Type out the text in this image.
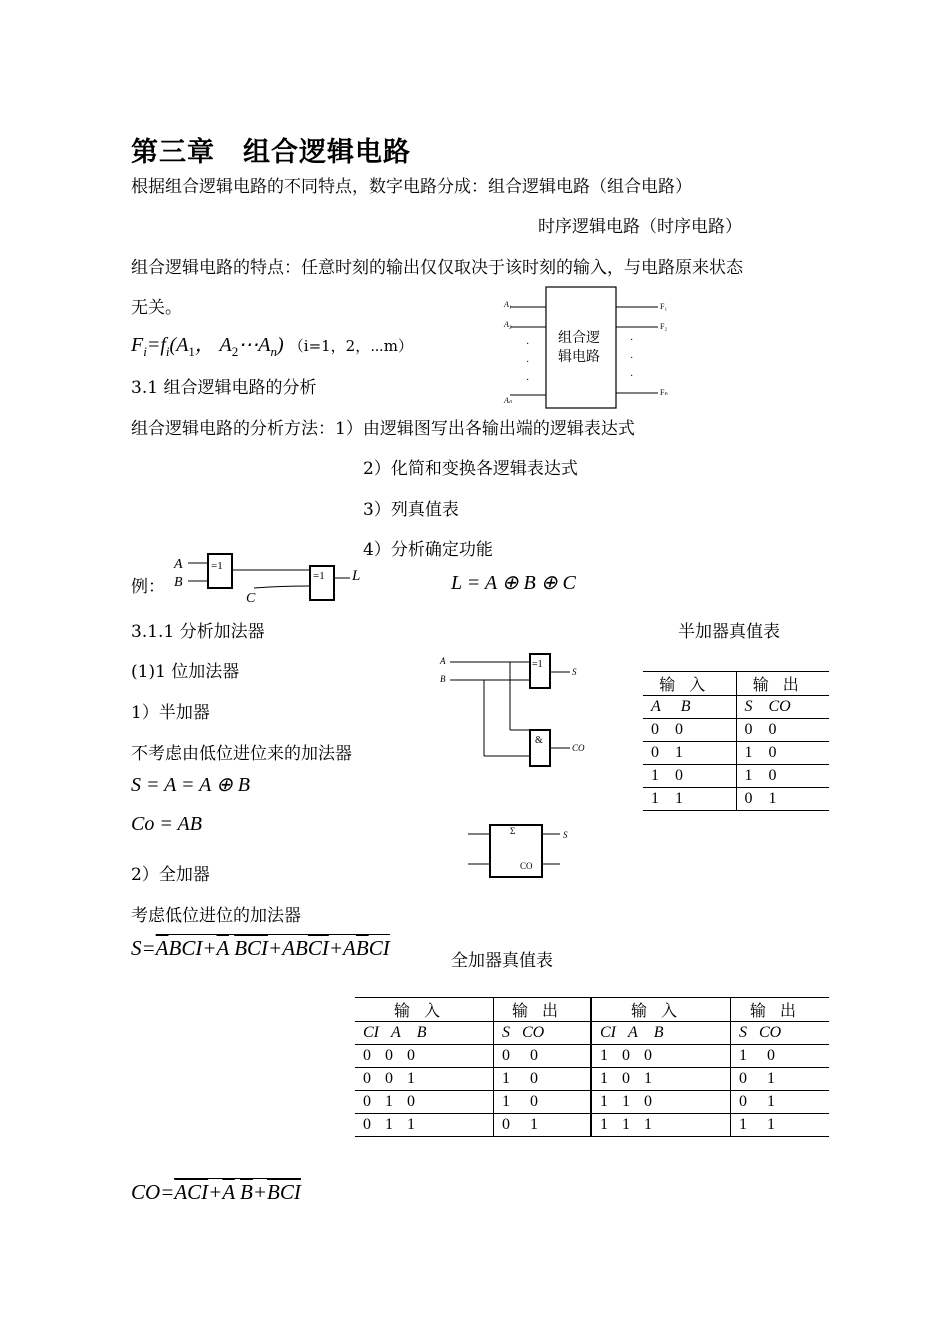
第三章　组合逻辑电路
根据组合逻辑电路的不同特点，数字电路分成：组合逻辑电路（组合电路）
时序逻辑电路（时序电路）
组合逻辑电路的特点：任意时刻的输出仅仅取决于该时刻的输入，与电路原来状态
无关。
$F_i=f_i(A_1$， $A_2\cdots A_n$) （i=1，2，⋯m）	组合逻
辑电路
A₁
A₂
Aₙ
·
·
·
F₁
F₂
Fₙ
·
·
·
3.1 组合逻辑电路的分析
组合逻辑电路的分析方法：1）由逻辑图写出各输出端的逻辑表达式
2）化简和变换各逻辑表达式
3）列真值表
4）分析确定功能
例：
A
B
=1
C
=1 L	L = A ⊕ B ⊕ C
3.1.1 分析加法器	半加器真值表
(1)1 位加法器
1）半加器
不考虑由低位进位来的加法器
S = A = A ⊕ B
Co = AB
A
B
=1
S
&
CO
Σ
CO
S
输入	输出
A B	S CO
0 0	0 0
0 1	1 0
1 0	1 0
1 1	0 1
2）全加器
考虑低位进位的加法器
$S=\overline{A}BCI+\overline{A}$ $\overline{B}\overline{CI}+AB\overline{CI}+A\overline{B}CI$
全加器真值表
输入	输出	输入	输出
CI A B	S CO	CI A B	S CO
0 0 0	0 0	1 0 0	1 0
0 0 1	1 0	1 0 1	0 1
0 1 0	1 0	1 1 0	0 1
0 1 1	0 1	1 1 1	1 1
$CO=\overline{A}\overline{CI}+\overline{A}$ $\overline{B}+\overline{B}\overline{CI}$
